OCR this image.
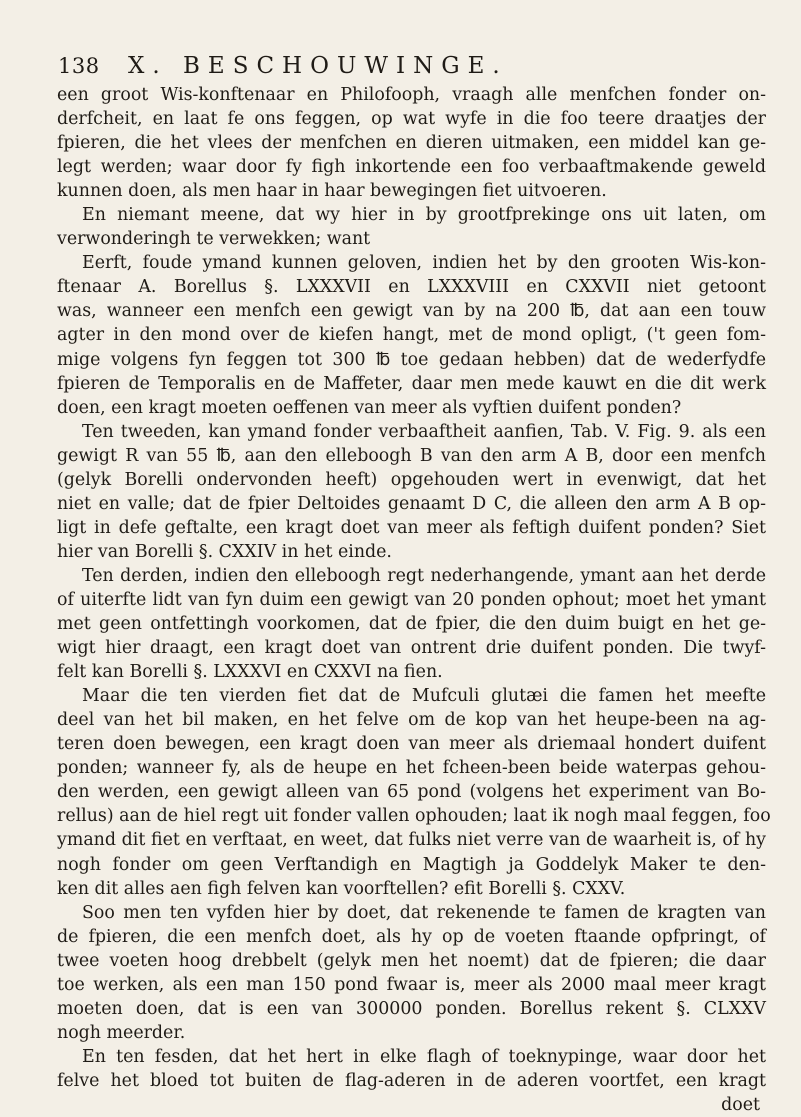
138	X. BESCHOUWINGE.
een groot Wis-konftenaar en Philofooph, vraagh alle menfchen fonder on-
derfcheit, en laat fe ons feggen, op wat wyfe in die foo teere draatjes der
fpieren, die het vlees der menfchen en dieren uitmaken, een middel kan ge-
legt werden; waar door fy figh inkortende een foo verbaaftmakende geweld
kunnen doen, als men haar in haar bewegingen fiet uitvoeren.
En niemant meene, dat wy hier in by grootfprekinge ons uit laten, om
verwonderingh te verwekken; want
Eerft, foude ymand kunnen geloven, indien het by den grooten Wis-kon-
ftenaar A. Borellus §. LXXXVII en LXXXVIII en CXXVII niet getoont
was, wanneer een menfch een gewigt van by na 200 ℔, dat aan een touw
agter in den mond over de kiefen hangt, met de mond opligt, ('t geen fom-
mige volgens fyn feggen tot 300 ℔ toe gedaan hebben) dat de wederfydfe
fpieren de Temporalis en de Maffeter, daar men mede kauwt en die dit werk
doen, een kragt moeten oeffenen van meer als vyftien duifent ponden?
Ten tweeden, kan ymand fonder verbaaftheit aanfien, Tab. V. Fig. 9. als een
gewigt R van 55 ℔, aan den elleboogh B van den arm A B, door een menfch
(gelyk Borelli ondervonden heeft) opgehouden wert in evenwigt, dat het
niet en valle; dat de fpier Deltoides genaamt D C, die alleen den arm A B op-
ligt in defe geftalte, een kragt doet van meer als feftigh duifent ponden? Siet
hier van Borelli §. CXXIV in het einde.
Ten derden, indien den elleboogh regt nederhangende, ymant aan het derde
of uiterfte lidt van fyn duim een gewigt van 20 ponden ophout; moet het ymant
met geen ontfettingh voorkomen, dat de fpier, die den duim buigt en het ge-
wigt hier draagt, een kragt doet van ontrent drie duifent ponden. Die twyf-
felt kan Borelli §. LXXXVI en CXXVI na fien.
Maar die ten vierden fiet dat de Mufculi glutæi die famen het meefte
deel van het bil maken, en het felve om de kop van het heupe-been na ag-
teren doen bewegen, een kragt doen van meer als driemaal hondert duifent
ponden; wanneer fy, als de heupe en het fcheen-been beide waterpas gehou-
den werden, een gewigt alleen van 65 pond (volgens het experiment van Bo-
rellus) aan de hiel regt uit fonder vallen ophouden; laat ik nogh maal feggen, foo
ymand dit fiet en verftaat, en weet, dat fulks niet verre van de waarheit is, of hy
nogh fonder om geen Verftandigh en Magtigh ja Goddelyk Maker te den-
ken dit alles aen figh felven kan voorftellen? efit Borelli §. CXXV.
Soo men ten vyfden hier by doet, dat rekenende te famen de kragten van
de fpieren, die een menfch doet, als hy op de voeten ftaande opfpringt, of
twee voeten hoog drebbelt (gelyk men het noemt) dat de fpieren; die daar
toe werken, als een man 150 pond fwaar is, meer als 2000 maal meer kragt
moeten doen, dat is een van 300000 ponden. Borellus rekent §. CLXXV
nogh meerder.
En ten fesden, dat het hert in elke flagh of toeknypinge, waar door het
felve het bloed tot buiten de flag-aderen in de aderen voortfet, een kragt
doet
